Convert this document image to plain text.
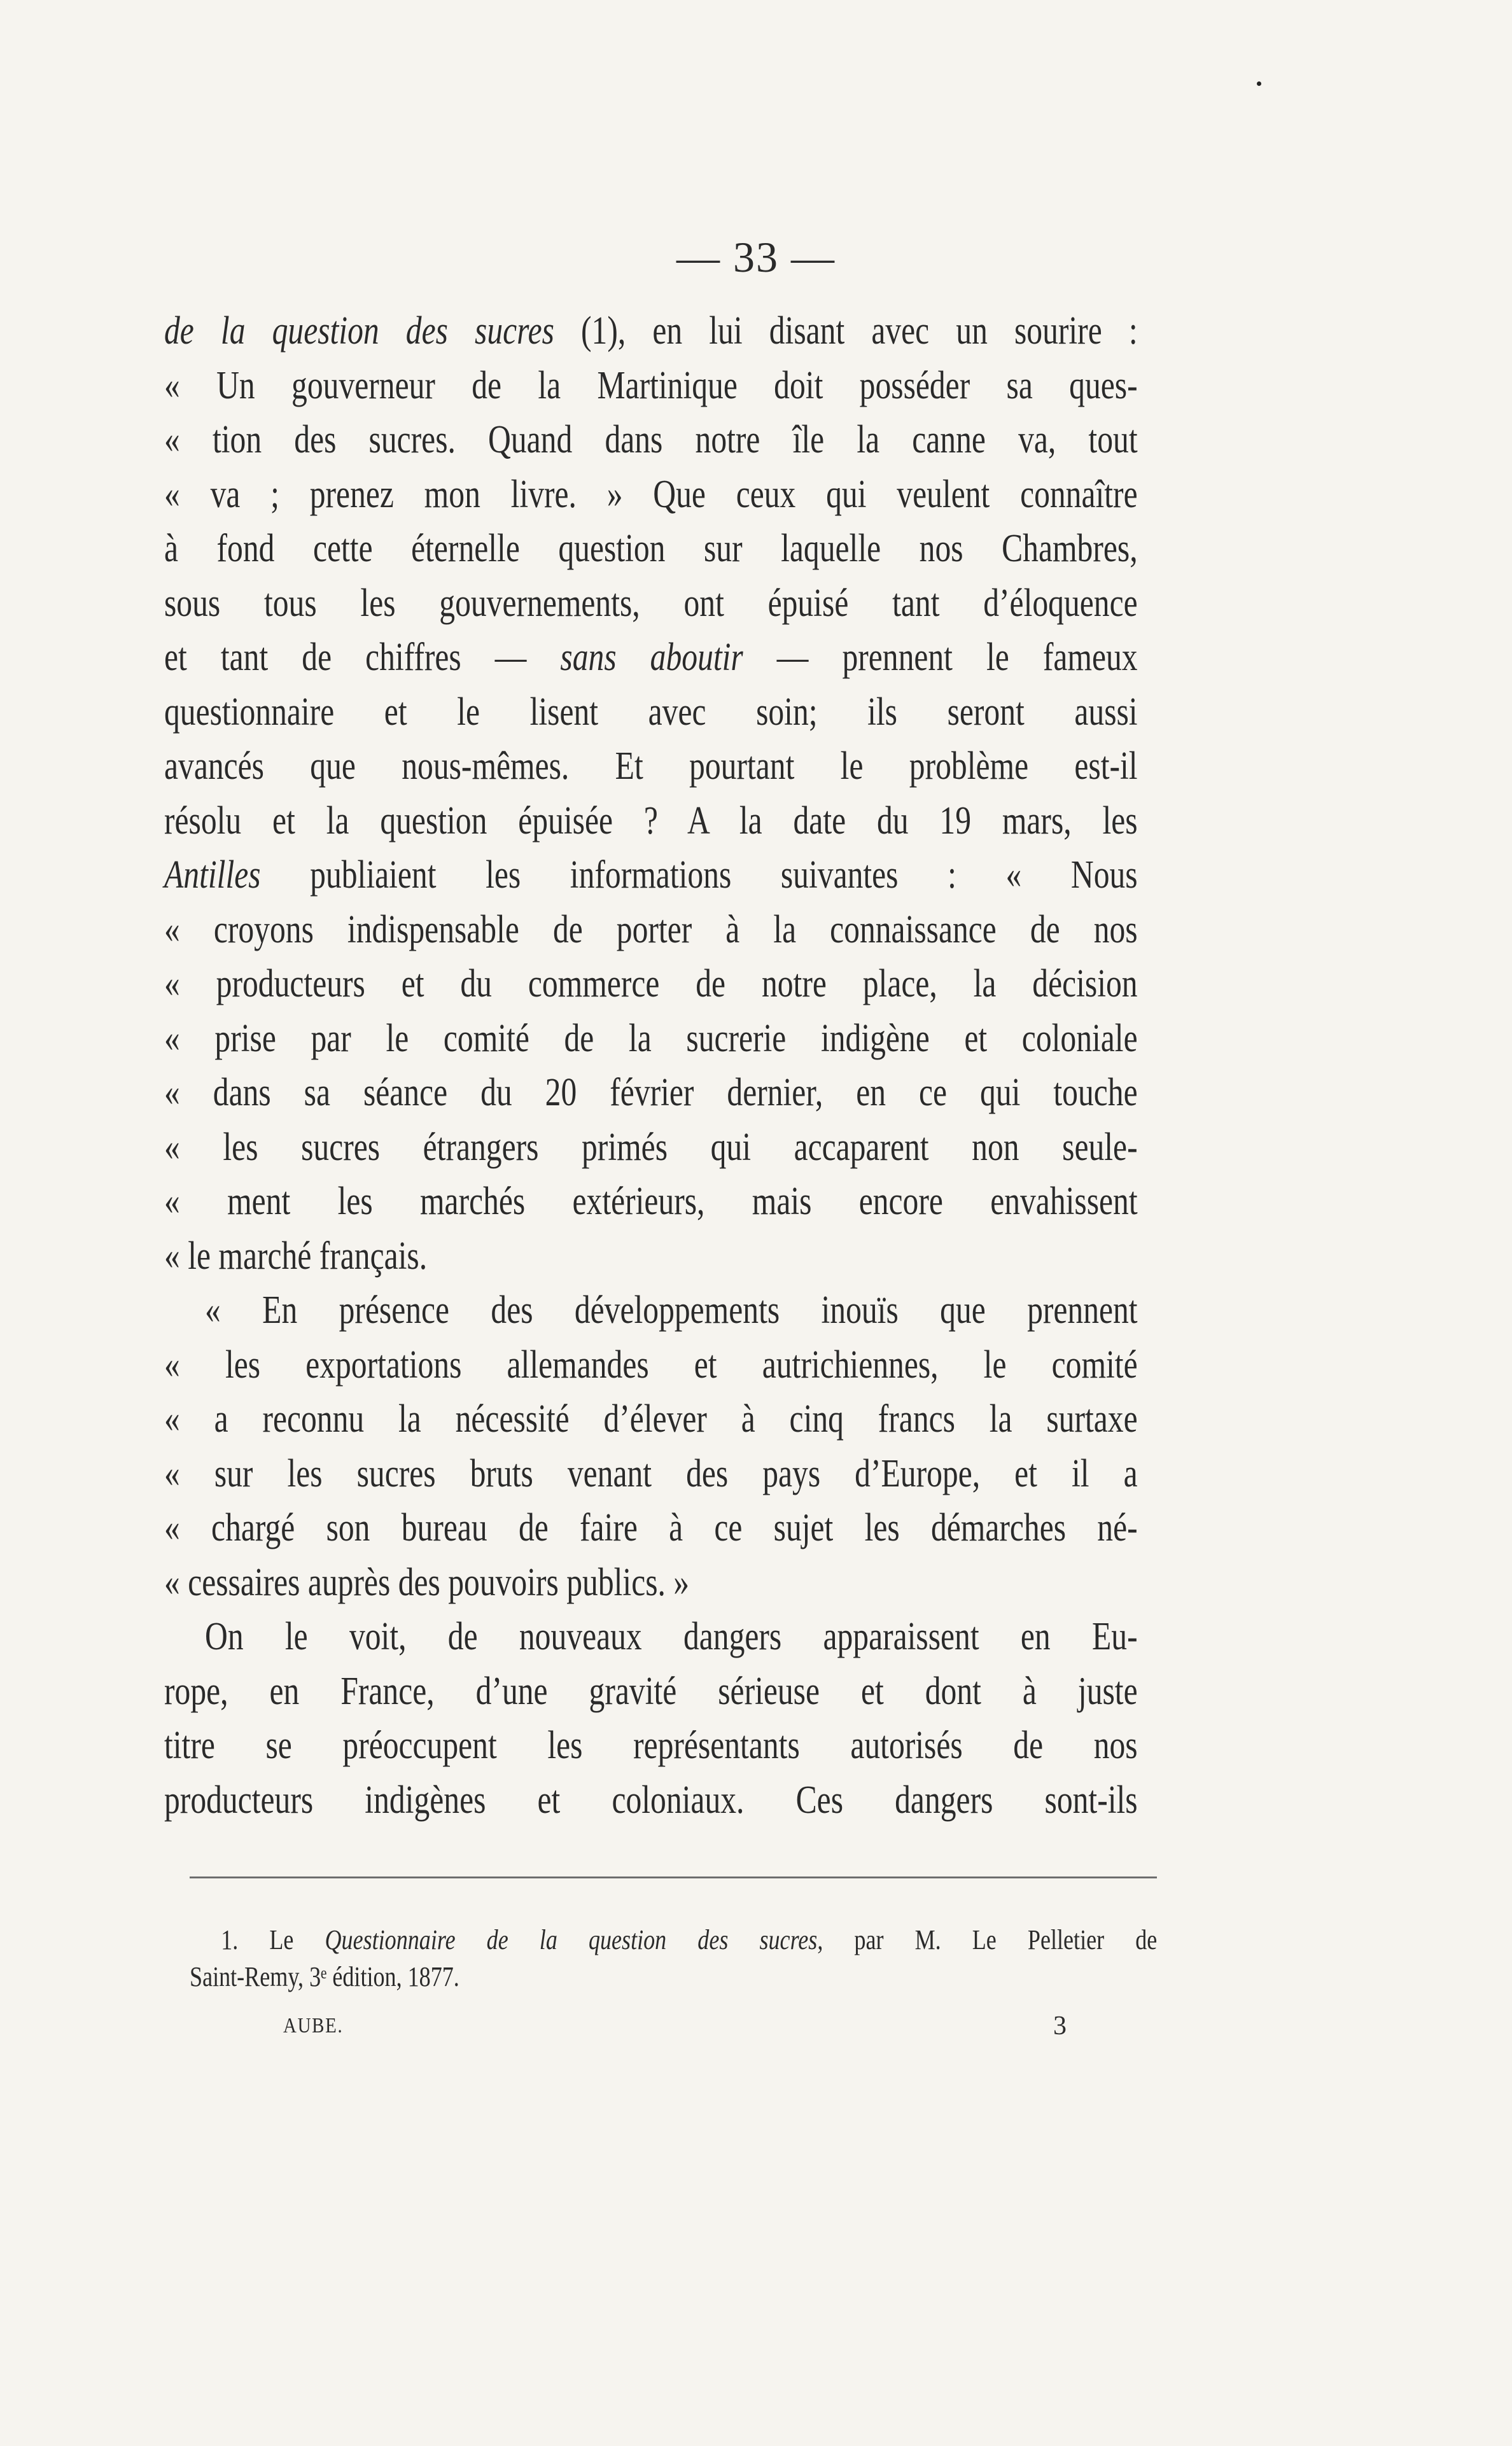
— 33 —
de la question des sucres (1), en lui disant avec un sourire :
« Un gouverneur de la Martinique doit posséder sa ques-
« tion des sucres. Quand dans notre île la canne va, tout
« va ; prenez mon livre. » Que ceux qui veulent connaître
à fond cette éternelle question sur laquelle nos Chambres,
sous tous les gouvernements, ont épuisé tant d’éloquence
et tant de chiffres — sans aboutir — prennent le fameux
questionnaire et le lisent avec soin; ils seront aussi
avancés que nous-mêmes. Et pourtant le problème est-il
résolu et la question épuisée ? A la date du 19 mars, les
Antilles publiaient les informations suivantes : « Nous
« croyons indispensable de porter à la connaissance de nos
« producteurs et du commerce de notre place, la décision
« prise par le comité de la sucrerie indigène et coloniale
« dans sa séance du 20 février dernier, en ce qui touche
« les sucres étrangers primés qui accaparent non seule-
« ment les marchés extérieurs, mais encore envahissent
« le marché français.
« En présence des développements inouïs que prennent
« les exportations allemandes et autrichiennes, le comité
« a reconnu la nécessité d’élever à cinq francs la surtaxe
« sur les sucres bruts venant des pays d’Europe, et il a
« chargé son bureau de faire à ce sujet les démarches né-
« cessaires auprès des pouvoirs publics. »
On le voit, de nouveaux dangers apparaissent en Eu-
rope, en France, d’une gravité sérieuse et dont à juste
titre se préoccupent les représentants autorisés de nos
producteurs indigènes et coloniaux. Ces dangers sont-ils
1. Le Questionnaire de la question des sucres, par M. Le Pelletier de
Saint-Remy, 3ᵉ édition, 1877.
AUBE.	3
